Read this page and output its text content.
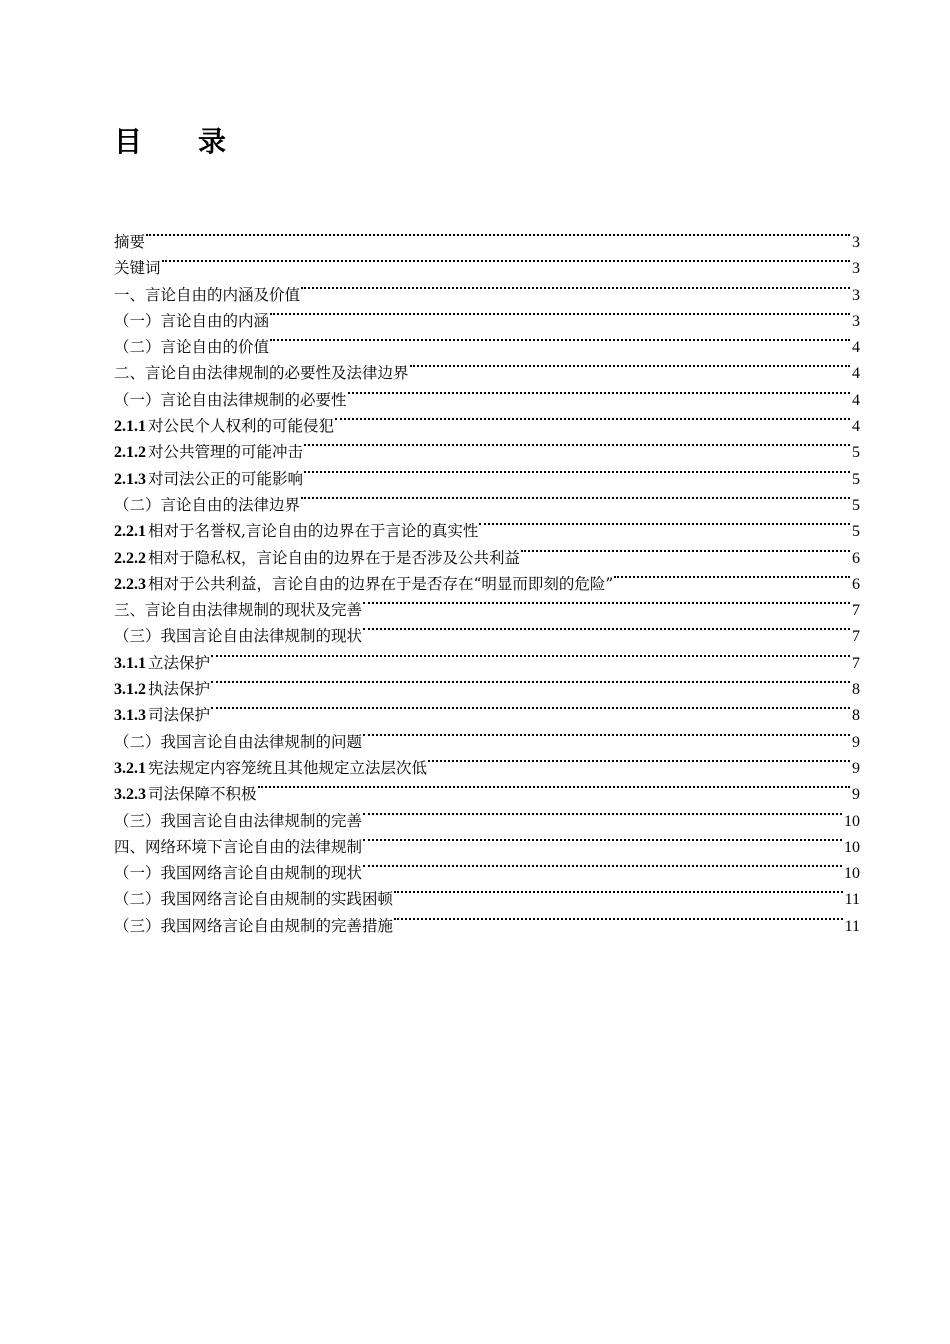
目　　录
摘要	3
关键词	3
一、言论自由的内涵及价值	3
（一）言论自由的内涵	3
（二）言论自由的价值	4
二、言论自由法律规制的必要性及法律边界	4
（一）言论自由法律规制的必要性	4
2.1.1 对公民个人权利的可能侵犯	4
2.1.2 对公共管理的可能冲击	5
2.1.3 对司法公正的可能影响	5
（二）言论自由的法律边界	5
2.2.1 相对于名誉权,言论自由的边界在于言论的真实性	5
2.2.2 相对于隐私权，言论自由的边界在于是否涉及公共利益	6
2.2.3 相对于公共利益，言论自由的边界在于是否存在“明显而即刻的危险”	6
三、言论自由法律规制的现状及完善	7
（三）我国言论自由法律规制的现状	7
3.1.1 立法保护	7
3.1.2 执法保护	8
3.1.3 司法保护	8
（二）我国言论自由法律规制的问题	9
3.2.1 宪法规定内容笼统且其他规定立法层次低	9
3.2.3 司法保障不积极	9
（三）我国言论自由法律规制的完善	10
四、网络环境下言论自由的法律规制	10
（一）我国网络言论自由规制的现状	10
（二）我国网络言论自由规制的实践困顿	11
（三）我国网络言论自由规制的完善措施	11
